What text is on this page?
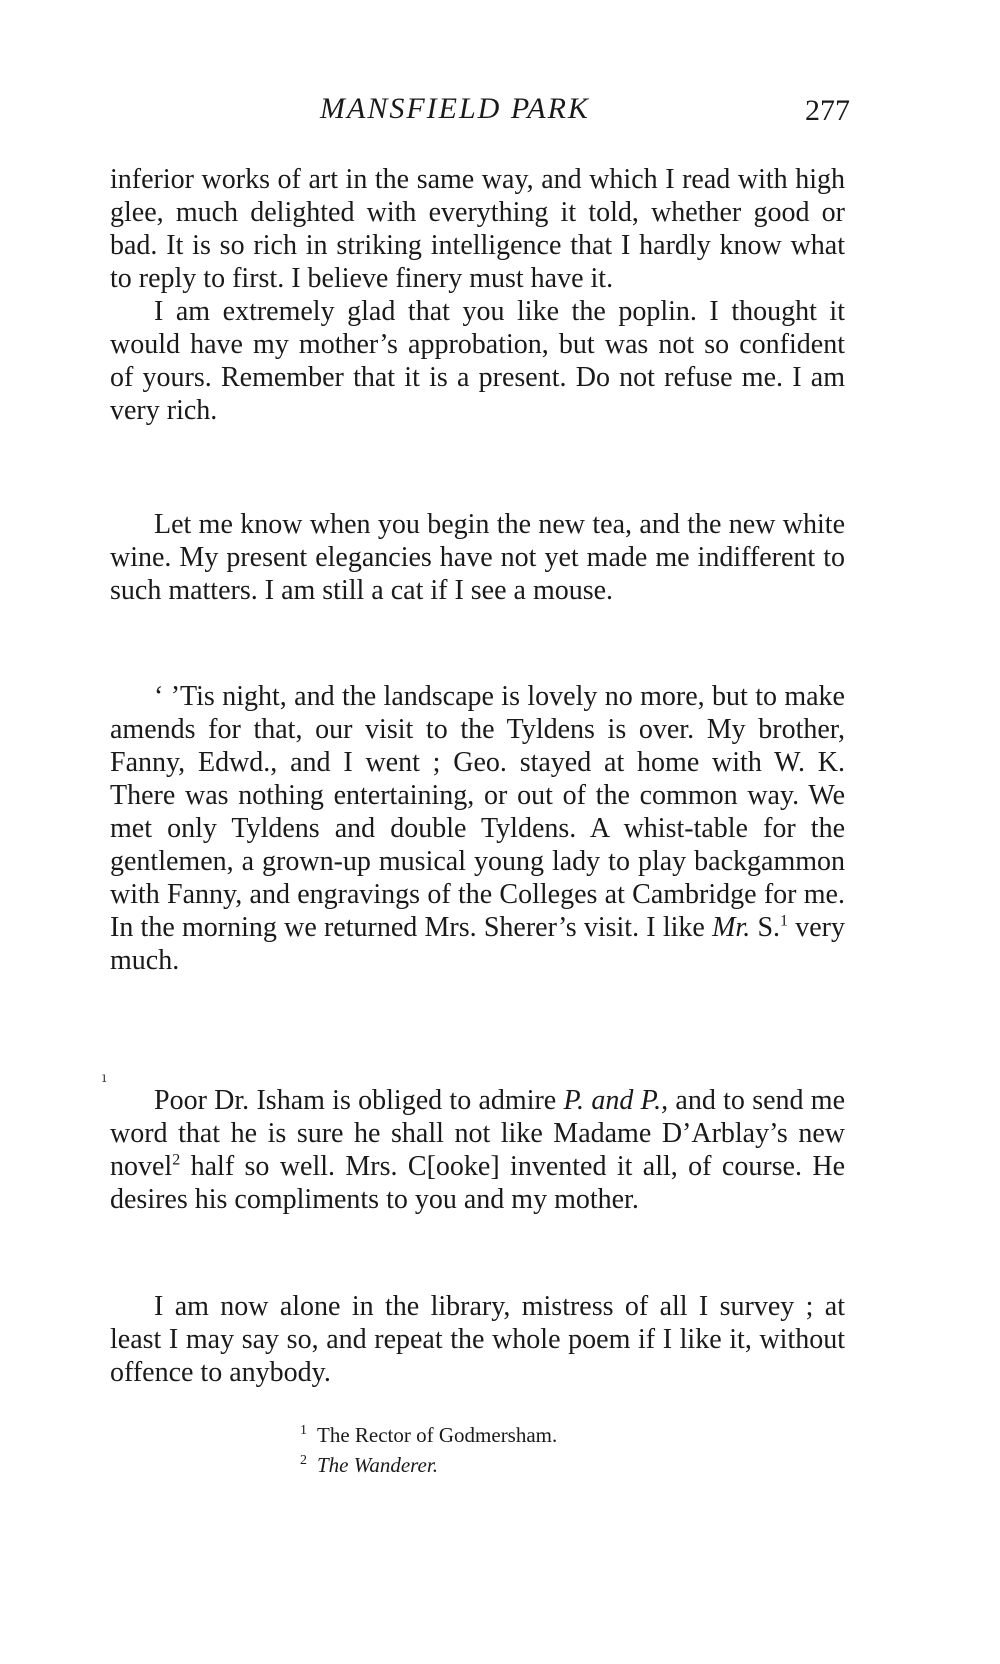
MANSFIELD PARK	277

inferior works of art in the same way, and which I read with high glee, much delighted with everything it told, whether good or bad. It is so rich in striking intelligence that I hardly know what to reply to first. I believe finery must have it.

I am extremely glad that you like the poplin. I thought it would have my mother’s approbation, but was not so confident of yours. Remember that it is a present. Do not refuse me. I am very rich.

Let me know when you begin the new tea, and the new white wine. My present elegancies have not yet made me indifferent to such matters. I am still a cat if I see a mouse.

‘ ’Tis night, and the landscape is lovely no more, but to make amends for that, our visit to the Tyldens is over. My brother, Fanny, Edwd., and I went ; Geo. stayed at home with W. K. There was nothing entertaining, or out of the common way. We met only Tyldens and double Tyldens. A whist-table for the gentlemen, a grown-up musical young lady to play backgammon with Fanny, and engravings of the Colleges at Cambridge for me. In the morning we returned Mrs. Sherer’s visit. I like Mr. S.$^1$ very much.

ı

Poor Dr. Isham is obliged to admire P. and P., and to send me word that he is sure he shall not like Madame D’Arblay’s new novel$^2$ half so well. Mrs. C[ooke] invented it all, of course. He desires his compliments to you and my mother.

I am now alone in the library, mistress of all I survey ; at least I may say so, and repeat the whole poem if I like it, without offence to anybody.

$^1$ The Rector of Godmersham.

$^2$ The Wanderer.
